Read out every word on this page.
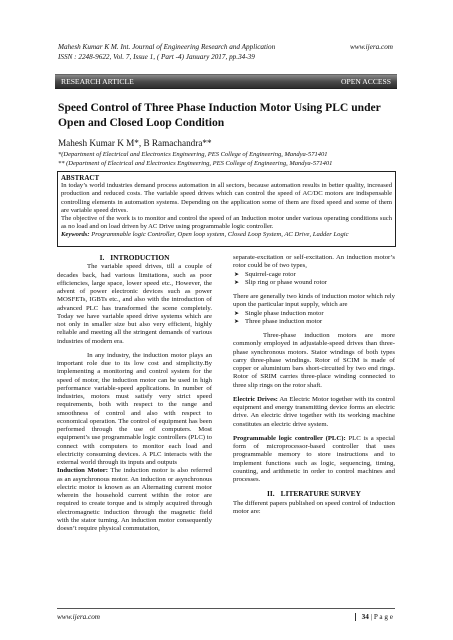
Mahesh Kumar K M. Int. Journal of Engineering Research and Application	www.ijera.com
ISSN : 2248-9622, Vol. 7, Issue 1, ( Part -4) January 2017, pp.34-39
RESEARCH ARTICLE	OPEN ACCESS
Speed Control of Three Phase Induction Motor Using PLC under Open and Closed Loop Condition

Mahesh Kumar K M*, B Ramachandra**

*(Department of Electrical and Electronics Engineering, PES College of Engineering, Mandya-571401
** (Department of Electrical and Electronics Engineering, PES College of Engineering, Mandya-571401
ABSTRACT

In today’s world industries demand process automation in all sectors, because automation results in better quality, increased production and reduced costs. The variable speed drives which can control the speed of AC/DC motors are indispensable controlling elements in automation systems. Depending on the application some of them are fixed speed and some of them are variable speed drives.

The objective of the work is to monitor and control the speed of an Induction motor under various operating conditions such as no load and on load driven by AC Drive using programmable logic controller.

Keywords: Programmable logic Controller, Open loop system, Closed Loop System, AC Drive, Ladder Logic

I. INTRODUCTION

The variable speed drives, till a couple of decades back, had various limitations, such as poor efficiencies, large space, lower speed etc., However, the advent of power electronic devices such as power MOSFETs, IGBTs etc., and also with the introduction of advanced PLC has transformed the scene completely. Today we have variable speed drive systems which are not only in smaller size but also very efficient, highly reliable and meeting all the stringent demands of various industries of modern era.

In any industry, the induction motor plays an important role due to its low cost and simplicity.By implementing a monitoring and control system for the speed of motor, the induction motor can be used in high performance variable-speed applications. In number of industries, motors must satisfy very strict speed requirements, both with respect to the range and smoothness of control and also with respect to economical operation. The control of equipment has been performed through the use of computers. Most equipment’s use programmable logic controllers (PLC) to connect with computers to monitor each load and electricity consuming devices. A PLC interacts with the external world through its inputs and outputs

Induction Motor: The induction motor is also referred as an asynchronous motor. An induction or asynchronous electric motor is known as an Alternating current motor wherein the household current within the rotor are required to create torque and is simply acquired through electromagnetic induction through the magnetic field with the stator turning. An induction motor consequently doesn’t require physical commutation,

separate-excitation or self-excitation. An induction motor’s rotor could be of two types,

➤ Squirrel-cage rotor
➤ Slip ring or phase wound rotor

There are generally two kinds of induction motor which rely upon the particular input supply, which are

➤ Single phase induction motor
➤ Three phase induction motor

Three-phase induction motors are more commonly employed in adjustable-speed drives than three-phase synchronous motors. Stator windings of both types carry three-phase windings. Rotor of SCIM is made of copper or aluminium bars short-circuited by two end rings. Rotor of SRIM carries three-place winding connected to three slip rings on the rotor shaft.

Electric Drives: An Electric Motor together with its control equipment and energy transmitting device forms an electric drive. An electric drive together with its working machine constitutes an electric drive system.

Programmable logic controller (PLC): PLC is a special form of microprocessor-based controller that uses programmable memory to store instructions and to implement functions such as logic, sequencing, timing, counting, and arithmetic in order to control machines and processes.

II. LITERATURE SURVEY

The different papers published on speed control of induction motor are:

www.ijera.com	34 | P a g e
